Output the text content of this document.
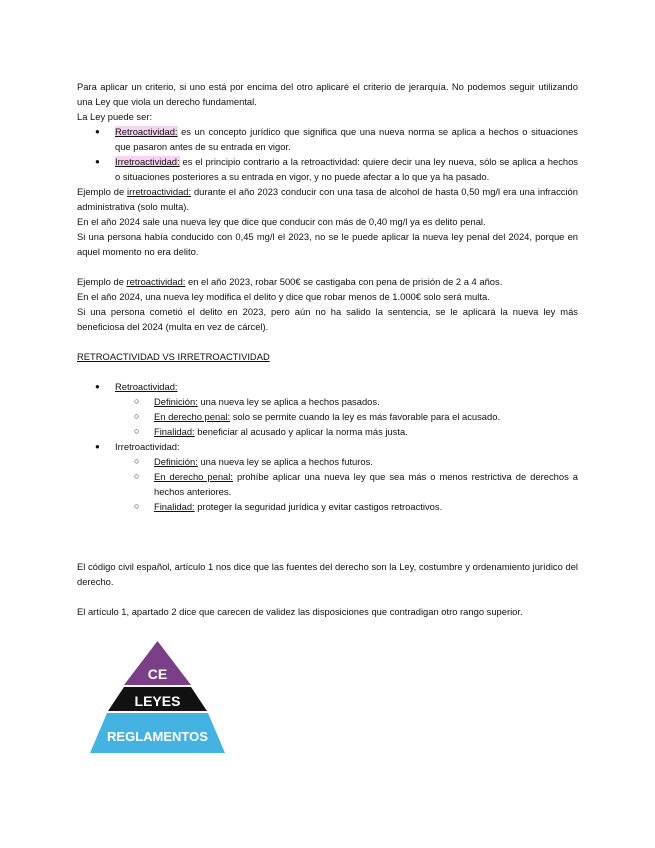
Para aplicar un criterio, si uno está por encima del otro aplicaré el criterio de jerarquía. No podemos seguir utilizando una Ley que viola un derecho fundamental.

La Ley puede ser:

● Retroactividad: es un concepto jurídico que significa que una nueva norma se aplica a hechos o situaciones que pasaron antes de su entrada en vigor.
● Irretroactividad: es el principio contrario a la retroactividad: quiere decir una ley nueva, sólo se aplica a hechos o situaciones posteriores a su entrada en vigor, y no puede afectar a lo que ya ha pasado.

Ejemplo de irretroactividad: durante el año 2023 conducir con una tasa de alcohol de hasta 0,50 mg/l era una infracción administrativa (solo multa).

En el año 2024 sale una nueva ley que dice que conducir con más de 0,40 mg/l ya es delito penal.

Si una persona había conducido con 0,45 mg/l el 2023, no se le puede aplicar la nueva ley penal del 2024, porque en aquel momento no era delito.

Ejemplo de retroactividad: en el año 2023, robar 500€ se castigaba con pena de prisión de 2 a 4 años.

En el año 2024, una nueva ley modifica el delito y dice que robar menos de 1.000€ solo será multa.

Si una persona cometió el delito en 2023, pero aún no ha salido la sentencia, se le aplicará la nueva ley más beneficiosa del 2024 (multa en vez de cárcel).

RETROACTIVIDAD VS IRRETROACTIVIDAD

● Retroactividad:
○ Definición: una nueva ley se aplica a hechos pasados.
○ En derecho penal: solo se permite cuando la ley es más favorable para el acusado.
○ Finalidad: beneficiar al acusado y aplicar la norma más justa.
● Irretroactividad:
○ Definición: una nueva ley se aplica a hechos futuros.
○ En derecho penal: prohíbe aplicar una nueva ley que sea más o menos restrictiva de derechos a hechos anteriores.
○ Finalidad: proteger la seguridad jurídica y evitar castigos retroactivos.

El código civil español, artículo 1 nos dice que las fuentes del derecho son la Ley, costumbre y ordenamiento jurídico del derecho.

El artículo 1, apartado 2 dice que carecen de validez las disposiciones que contradigan otro rango superior.

CE
LEYES
REGLAMENTOS
